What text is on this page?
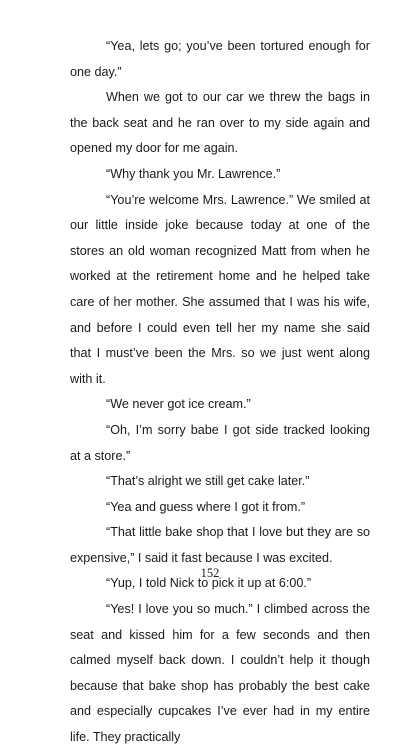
“Yea, lets go; you’ve been tortured enough for one day.”

When we got to our car we threw the bags in the back seat and he ran over to my side again and opened my door for me again.

“Why thank you Mr. Lawrence.”

“You’re welcome Mrs. Lawrence.” We smiled at our little inside joke because today at one of the stores an old woman recognized Matt from when he worked at the retirement home and he helped take care of her mother. She assumed that I was his wife, and before I could even tell her my name she said that I must’ve been the Mrs. so we just went along with it.

“We never got ice cream.”

“Oh, I’m sorry babe I got side tracked looking at a store.”

“That’s alright we still get cake later.”

“Yea and guess where I got it from.”

“That little bake shop that I love but they are so expensive,” I said it fast because I was excited.

“Yup, I told Nick to pick it up at 6:00.”

“Yes! I love you so much.” I climbed across the seat and kissed him for a few seconds and then calmed myself back down. I couldn’t help it though because that bake shop has probably the best cake and especially cupcakes I’ve ever had in my entire life. They practically

152
